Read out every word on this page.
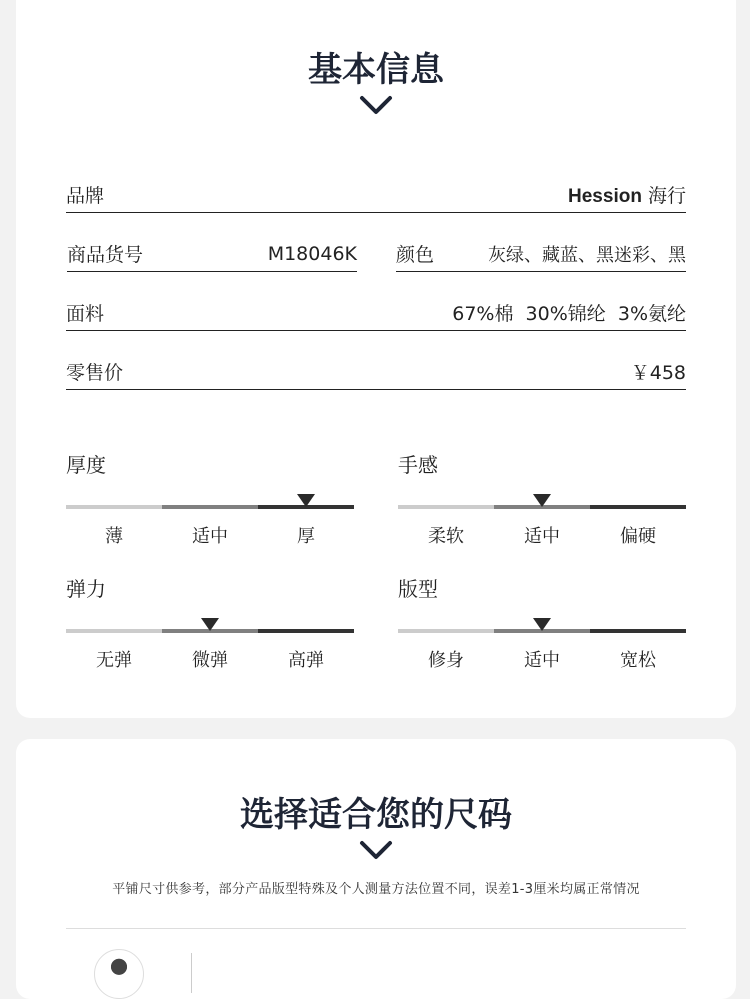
基本信息
品牌	Hession 海行
商品货号	M18046K 颜色	灰绿、藏蓝、黑迷彩、黑
面料	67%棉  30%锦纶  3%氨纶
零售价	￥458
厚度
薄	适中	厚
手感
柔软	适中	偏硬
弹力
无弹	微弹	高弹
版型
修身	适中	宽松
选择适合您的尺码
平铺尺寸供参考，部分产品版型特殊及个人测量方法位置不同，误差1-3厘米均属正常情况
